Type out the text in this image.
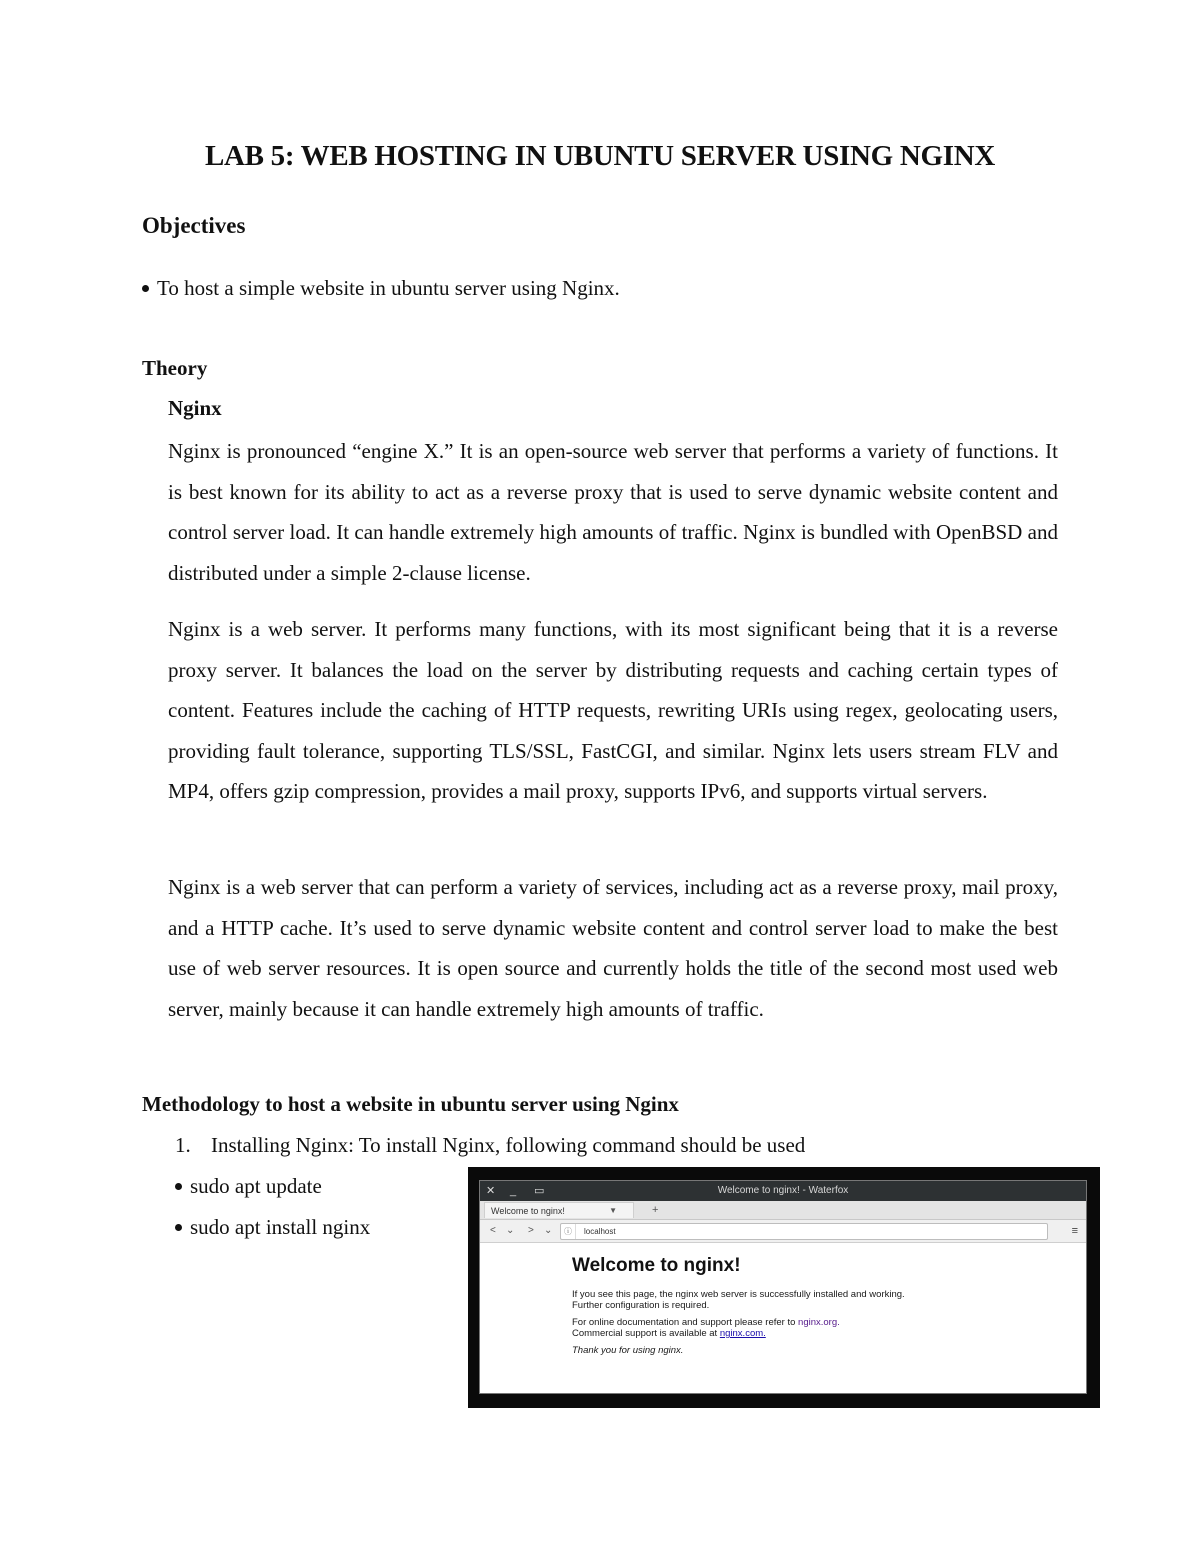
LAB 5: WEB HOSTING IN UBUNTU SERVER USING NGINX
Objectives
To host a simple website in ubuntu server using Nginx.
Theory
Nginx

Nginx is pronounced “engine X.” It is an open-source web server that performs a variety of functions. It is best known for its ability to act as a reverse proxy that is used to serve dynamic website content and control server load. It can handle extremely high amounts of traffic. Nginx is bundled with OpenBSD and distributed under a simple 2-clause license.

Nginx is a web server. It performs many functions, with its most significant being that it is a reverse proxy server. It balances the load on the server by distributing requests and caching certain types of content. Features include the caching of HTTP requests, rewriting URIs using regex, geolocating users, providing fault tolerance, supporting TLS/SSL, FastCGI, and similar. Nginx lets users stream FLV and MP4, offers gzip compression, provides a mail proxy, supports IPv6, and supports virtual servers.

Nginx is a web server that can perform a variety of services, including act as a reverse proxy, mail proxy, and a HTTP cache. It’s used to serve dynamic website content and control server load to make the best use of web server resources. It is open source and currently holds the title of the second most used web server, mainly because it can handle extremely high amounts of traffic.

Methodology to host a website in ubuntu server using Nginx
1. Installing Nginx: To install Nginx, following command should be used
sudo apt update
sudo apt install nginx
✕ _ ▭	Welcome to nginx! - Waterfox
Welcome to nginx!	▼	+
< ⌄ > ⌄	ⓘ localhost	≡
Welcome to nginx!

If you see this page, the nginx web server is successfully installed and working.
Further configuration is required.

For online documentation and support please refer to nginx.org.
Commercial support is available at nginx.com.

Thank you for using nginx.
